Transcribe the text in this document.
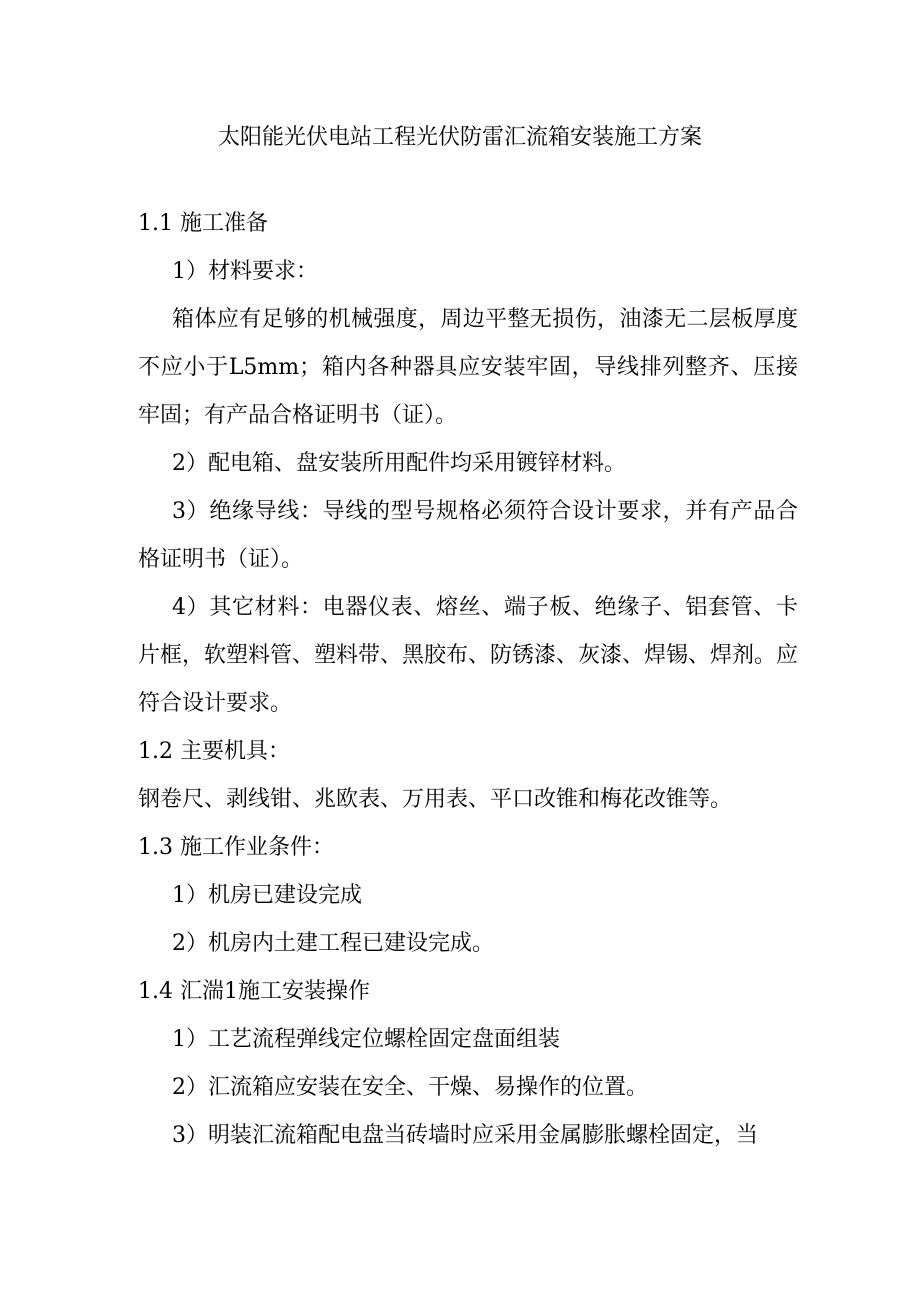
太阳能光伏电站工程光伏防雷汇流箱安装施工方案
1.1 施工准备
1）材料要求：
箱体应有足够的机械强度，周边平整无损伤，油漆无二层板厚度不应小于L5mm；箱内各种器具应安装牢固，导线排列整齐、压接牢固；有产品合格证明书（证）。
2）配电箱、盘安装所用配件均采用镀锌材料。
3）绝缘导线：导线的型号规格必须符合设计要求，并有产品合格证明书（证）。
4）其它材料：电器仪表、熔丝、端子板、绝缘子、铝套管、卡片框，软塑料管、塑料带、黑胶布、防锈漆、灰漆、焊锡、焊剂。应符合设计要求。
1.2 主要机具：
钢卷尺、剥线钳、兆欧表、万用表、平口改锥和梅花改锥等。
1.3 施工作业条件：
1）机房已建设完成
2）机房内土建工程已建设完成。
1.4 汇湍1施工安装操作
1）工艺流程弹线定位螺栓固定盘面组装
2）汇流箱应安装在安全、干燥、易操作的位置。
3）明装汇流箱配电盘当砖墙时应采用金属膨胀螺栓固定，当
